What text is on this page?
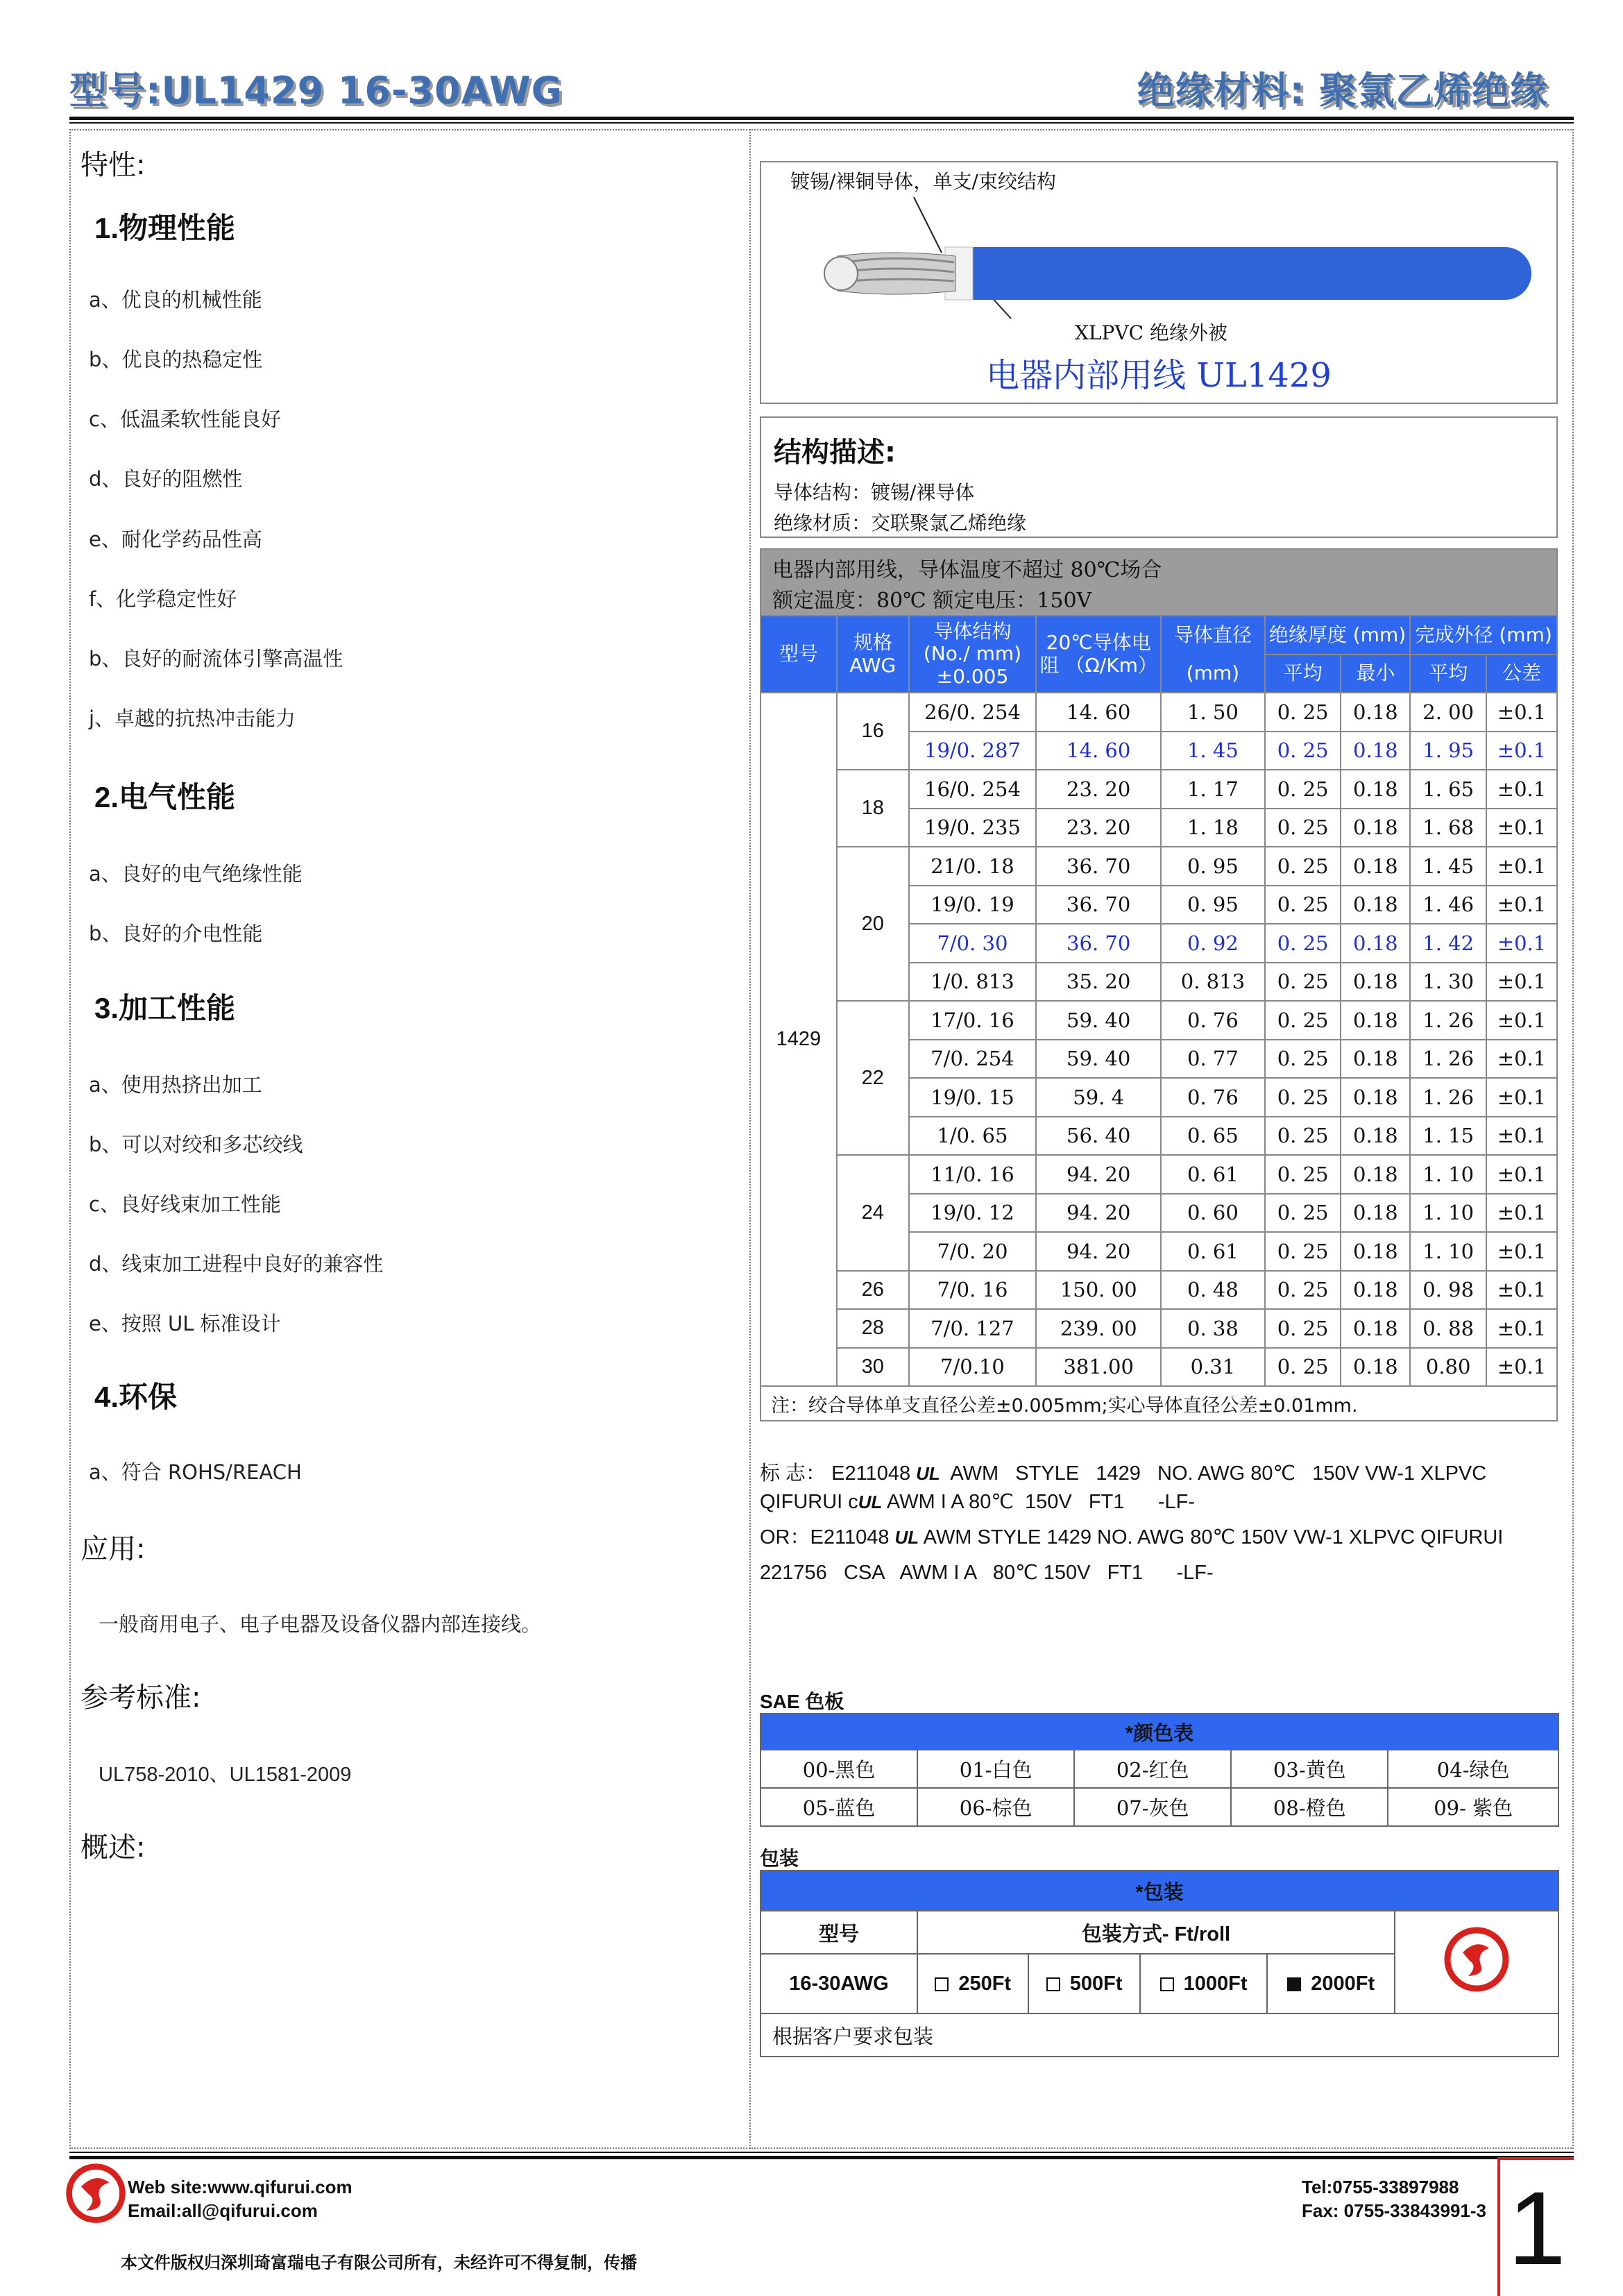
型号:UL1429 16-30AWG	绝缘材料: 聚氯乙烯绝缘
特性:
1.物理性能
a、优良的机械性能
b、优良的热稳定性
c、低温柔软性能良好
d、良好的阻燃性
e、耐化学药品性高
f、化学稳定性好
b、良好的耐流体引擎高温性
j、卓越的抗热冲击能力
2.电气性能
a、良好的电气绝缘性能
b、良好的介电性能
3.加工性能
a、使用热挤出加工
b、可以对绞和多芯绞线
c、良好线束加工性能
d、线束加工进程中良好的兼容性
e、按照 UL 标准设计
4.环保
a、符合 ROHS/REACH
应用:
一般商用电子、电子电器及设备仪器内部连接线。
参考标准:
UL758-2010、UL1581-2009
概述:
镀锡/裸铜导体，单支/束绞结构
XLPVC 绝缘外被
电器内部用线 UL1429
结构描述:
导体结构：镀锡/裸导体
绝缘材质：交联聚氯乙烯绝缘
电器内部用线，导体温度不超过 80℃场合
额定温度：80℃ 额定电压：150V
型号	规格 AWG	导体结构 (No./ mm) ±0.005	20℃导体电阻 （Ω/Km）	导体直径
(mm)	绝缘厚度 (mm)		完成外径 (mm)	
					平均	最小	平均	公差
1429	16	26/0. 254	14. 60	1. 50	0. 25	0.18	2. 00	±0.1
		19/0. 287	14. 60	1. 45	0. 25	0.18	1. 95	±0.1
	18	16/0. 254	23. 20	1. 17	0. 25	0.18	1. 65	±0.1
		19/0. 235	23. 20	1. 18	0. 25	0.18	1. 68	±0.1
	20	21/0. 18	36. 70	0. 95	0. 25	0.18	1. 45	±0.1
		19/0. 19	36. 70	0. 95	0. 25	0.18	1. 46	±0.1
		7/0. 30	36. 70	0. 92	0. 25	0.18	1. 42	±0.1
		1/0. 813	35. 20	0. 813	0. 25	0.18	1. 30	±0.1
	22	17/0. 16	59. 40	0. 76	0. 25	0.18	1. 26	±0.1
		7/0. 254	59. 40	0. 77	0. 25	0.18	1. 26	±0.1
		19/0. 15	59. 4	0. 76	0. 25	0.18	1. 26	±0.1
		1/0. 65	56. 40	0. 65	0. 25	0.18	1. 15	±0.1
	24	11/0. 16	94. 20	0. 61	0. 25	0.18	1. 10	±0.1
		19/0. 12	94. 20	0. 60	0. 25	0.18	1. 10	±0.1
		7/0. 20	94. 20	0. 61	0. 25	0.18	1. 10	±0.1
	26	7/0. 16	150. 00	0. 48	0. 25	0.18	0. 98	±0.1
	28	7/0. 127	239. 00	0. 38	0. 25	0.18	0. 88	±0.1
	30	7/0.10	381.00	0.31	0. 25	0.18	0.80	±0.1
注：绞合导体单支直径公差±0.005mm;实心导体直径公差±0.01mm.								
标 志： E211048 UL AWM   STYLE   1429   NO. AWG 80℃   150V VW-1 XLPVC
QIFURUI cUL AWM I A 80℃  150V   FT1      -LF-
OR：E211048 UL AWM STYLE 1429 NO. AWG 80℃ 150V VW-1 XLPVC QIFURUI
221756   CSA   AWM I A   80℃ 150V   FT1      -LF-
SAE 色板
*颜色表				
00-黑色	01-白色	02-红色	03-黄色	04-绿色
05-蓝色	06-棕色	07-灰色	08-橙色	09- 紫色
包装
*包装					
型号	包装方式- Ft/roll	
16-30AWG	250Ft	500Ft	1000Ft	2000Ft	
根据客户要求包装					
Web site:www.qifurui.com
Email:all@qifurui.com
Tel:0755-33897988
Fax: 0755-33843991-3 1
本文件版权归深圳琦富瑞电子有限公司所有，未经许可不得复制，传播
